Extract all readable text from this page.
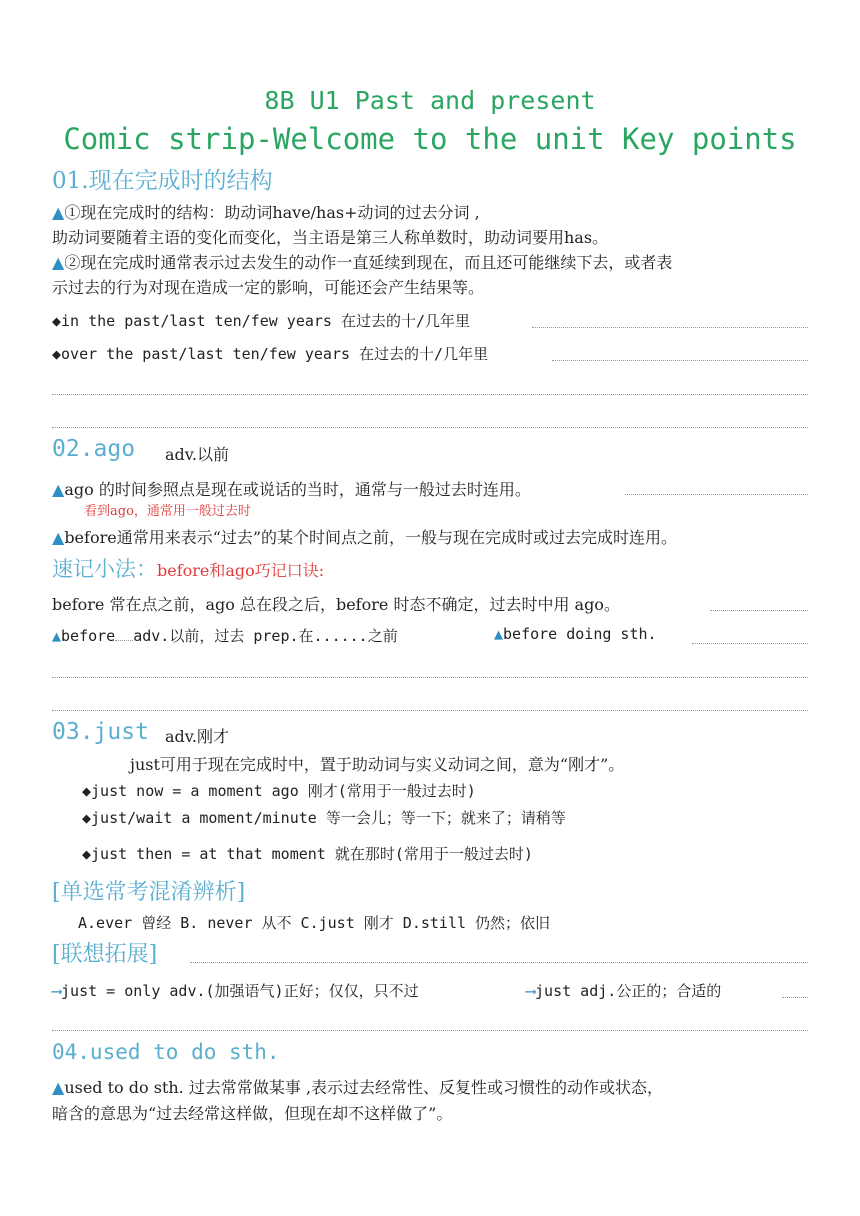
8B U1 Past and present
Comic strip-Welcome to the unit Key points
01.现在完成时的结构
▲①现在完成时的结构：助动词have/has+动词的过去分词 ,
助动词要随着主语的变化而变化，当主语是第三人称单数时，助动词要用has。
▲②现在完成时通常表示过去发生的动作一直延续到现在，而且还可能继续下去，或者表
示过去的行为对现在造成一定的影响，可能还会产生结果等。
◆in the past/last ten/few years 在过去的十/几年里
◆over the past/last ten/few years 在过去的十/几年里
02.ago adv.以前
▲ago 的时间参照点是现在或说话的当时，通常与一般过去时连用。
看到ago，通常用一般过去时
▲before通常用来表示“过去”的某个时间点之前，一般与现在完成时或过去完成时连用。
速记小法：before和ago巧记口诀:
before 常在点之前，ago 总在段之后，before 时态不确定，过去时中用 ago。
▲before adv.以前，过去 prep.在......之前	▲before doing sth.
03.just adv.刚才
just可用于现在完成时中，置于助动词与实义动词之间，意为“刚才”。
◆just now = a moment ago 刚才(常用于一般过去时)
◆just/wait a moment/minute 等一会儿；等一下；就来了；请稍等
◆just then = at that moment 就在那时(常用于一般过去时)
[单选常考混淆辨析]
A.ever 曾经 B. never 从不 C.just 刚才 D.still 仍然；依旧
[联想拓展]
⟶just = only adv.(加强语气)正好；仅仅，只不过	⟶just adj.公正的；合适的
04.used to do sth.
▲used to do sth. 过去常常做某事 ,表示过去经常性、反复性或习惯性的动作或状态，
暗含的意思为“过去经常这样做，但现在却不这样做了”。
